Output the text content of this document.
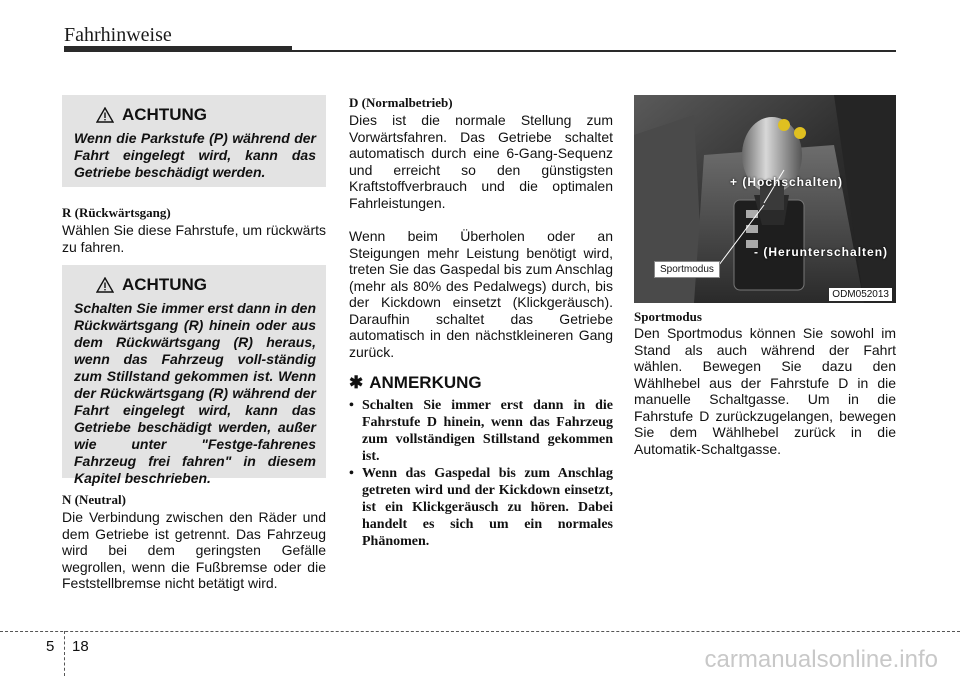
Fahrhinweise
ACHTUNG
Wenn die Parkstufe (P) während der Fahrt eingelegt wird, kann das Getriebe beschädigt werden.
R (Rückwärtsgang)
Wählen Sie diese Fahrstufe, um rückwärts zu fahren.
ACHTUNG
Schalten Sie immer erst dann in den Rückwärtsgang (R) hinein oder aus dem Rückwärtsgang (R) heraus, wenn das Fahrzeug voll-ständig zum Stillstand gekommen ist. Wenn der Rückwärtsgang (R) während der Fahrt eingelegt wird, kann das Getriebe beschädigt werden, außer wie unter "Festge-fahrenes Fahrzeug frei fahren" in diesem Kapitel beschrieben.
N (Neutral)
Die Verbindung zwischen den Räder und dem Getriebe ist getrennt. Das Fahrzeug wird bei dem geringsten Gefälle wegrollen, wenn die Fußbremse oder die Feststellbremse nicht betätigt wird.
D (Normalbetrieb)
Dies ist die normale Stellung zum Vorwärtsfahren. Das Getriebe schaltet automatisch durch eine 6-Gang-Sequenz und erreicht so den günstigsten Kraftstoffverbrauch und die optimalen Fahrleistungen.
Wenn beim Überholen oder an Steigungen mehr Leistung benötigt wird, treten Sie das Gaspedal bis zum Anschlag (mehr als 80% des Pedalwegs) durch, bis der Kickdown einsetzt (Klickgeräusch). Daraufhin schaltet das Getriebe automatisch in den nächstkleineren Gang zurück.
✱ ANMERKUNG
• Schalten Sie immer erst dann in die Fahrstufe D hinein, wenn das Fahrzeug zum vollständigen Stillstand gekommen ist.
• Wenn das Gaspedal bis zum Anschlag getreten wird und der Kickdown einsetzt, ist ein Klickgeräusch zu hören. Dabei handelt es sich um ein normales Phänomen.
+ (Hochschalten)
- (Herunterschalten)
Sportmodus
ODM052013
Sportmodus
Den Sportmodus können Sie sowohl im Stand als auch während der Fahrt wählen. Bewegen Sie dazu den Wählhebel aus der Fahrstufe D in die manuelle Schaltgasse. Um in die Fahrstufe D zurückzugelangen, bewegen Sie dem Wählhebel zurück in die Automatik-Schaltgasse.
5 18	carmanualsonline.info
